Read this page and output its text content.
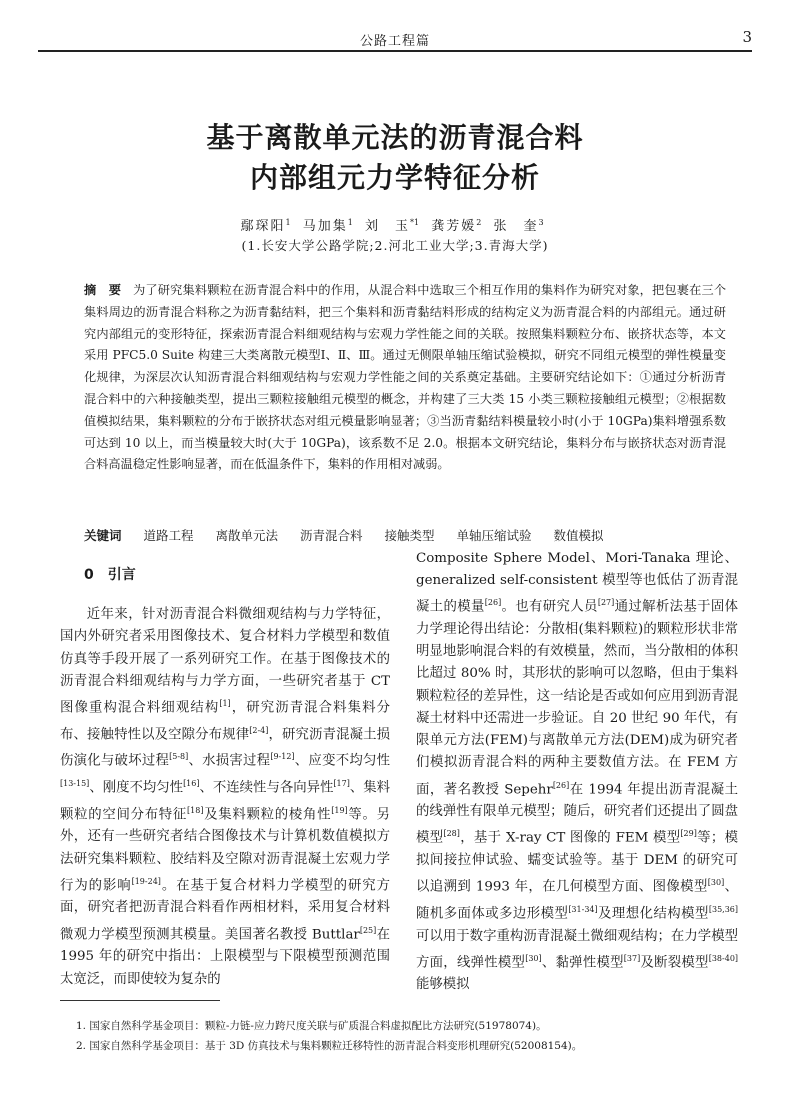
公路工程篇	3
基于离散单元法的沥青混合料
内部组元力学特征分析
鄢琛阳$^1$ 马加集$^1$ 刘　玉$^{*1}$ 龚芳媛$^2$ 张　奎$^3$
(1.长安大学公路学院;2.河北工业大学;3.青海大学)
摘　要 为了研究集料颗粒在沥青混合料中的作用，从混合料中选取三个相互作用的集料作为研究对象，把包裹在三个集料周边的沥青混合料称之为沥青黏结料，把三个集料和沥青黏结料形成的结构定义为沥青混合料的内部组元。通过研究内部组元的变形特征，探索沥青混合料细观结构与宏观力学性能之间的关联。按照集料颗粒分布、嵌挤状态等，本文采用 PFC5.0 Suite 构建三大类离散元模型Ⅰ、Ⅱ、Ⅲ。通过无侧限单轴压缩试验模拟，研究不同组元模型的弹性模量变化规律，为深层次认知沥青混合料细观结构与宏观力学性能之间的关系奠定基础。主要研究结论如下：①通过分析沥青混合料中的六种接触类型，提出三颗粒接触组元模型的概念，并构建了三大类 15 小类三颗粒接触组元模型；②根据数值模拟结果，集料颗粒的分布于嵌挤状态对组元模量影响显著；③当沥青黏结料模量较小时(小于 10GPa)集料增强系数可达到 10 以上，而当模量较大时(大于 10GPa)，该系数不足 2.0。根据本文研究结论，集料分布与嵌挤状态对沥青混合料高温稳定性影响显著，而在低温条件下，集料的作用相对减弱。
关键词 道路工程 离散单元法 沥青混合料 接触类型 单轴压缩试验 数值模拟
0 引言

近年来，针对沥青混合料微细观结构与力学特征，国内外研究者采用图像技术、复合材料力学模型和数值仿真等手段开展了一系列研究工作。在基于图像技术的沥青混合料细观结构与力学方面，一些研究者基于 CT 图像重构混合料细观结构[1]，研究沥青混合料集料分布、接触特性以及空隙分布规律[2-4]，研究沥青混凝土损伤演化与破坏过程[5-8]、水损害过程[9-12]、应变不均匀性[13-15]、刚度不均匀性[16]、不连续性与各向异性[17]、集料颗粒的空间分布特征[18]及集料颗粒的棱角性[19]等。另外，还有一些研究者结合图像技术与计算机数值模拟方法研究集料颗粒、胶结料及空隙对沥青混凝土宏观力学行为的影响[19-24]。在基于复合材料力学模型的研究方面，研究者把沥青混合料看作两相材料，采用复合材料微观力学模型预测其模量。美国著名教授 Buttlar[25]在 1995 年的研究中指出：上限模型与下限模型预测范围太宽泛，而即使较为复杂的

Composite Sphere Model、Mori-Tanaka 理论、generalized self-consistent 模型等也低估了沥青混凝土的模量[26]。也有研究人员[27]通过解析法基于固体力学理论得出结论：分散相(集料颗粒)的颗粒形状非常明显地影响混合料的有效模量，然而，当分散相的体积比超过 80% 时，其形状的影响可以忽略，但由于集料颗粒粒径的差异性，这一结论是否或如何应用到沥青混凝土材料中还需进一步验证。自 20 世纪 90 年代，有限单元方法(FEM)与离散单元方法(DEM)成为研究者们模拟沥青混合料的两种主要数值方法。在 FEM 方面，著名教授 Sepehr[26]在 1994 年提出沥青混凝土的线弹性有限单元模型；随后，研究者们还提出了圆盘模型[28]，基于 X-ray CT 图像的 FEM 模型[29]等；模拟间接拉伸试验、蠕变试验等。基于 DEM 的研究可以追溯到 1993 年，在几何模型方面、图像模型[30]、随机多面体或多边形模型[31-34]及理想化结构模型[35,36]可以用于数字重构沥青混凝土微细观结构；在力学模型方面，线弹性模型[30]、黏弹性模型[37]及断裂模型[38-40]能够模拟

1. 国家自然科学基金项目：颗粒-力链-应力跨尺度关联与矿质混合料虚拟配比方法研究(51978074)。
2. 国家自然科学基金项目：基于 3D 仿真技术与集料颗粒迁移特性的沥青混合料变形机理研究(52008154)。
